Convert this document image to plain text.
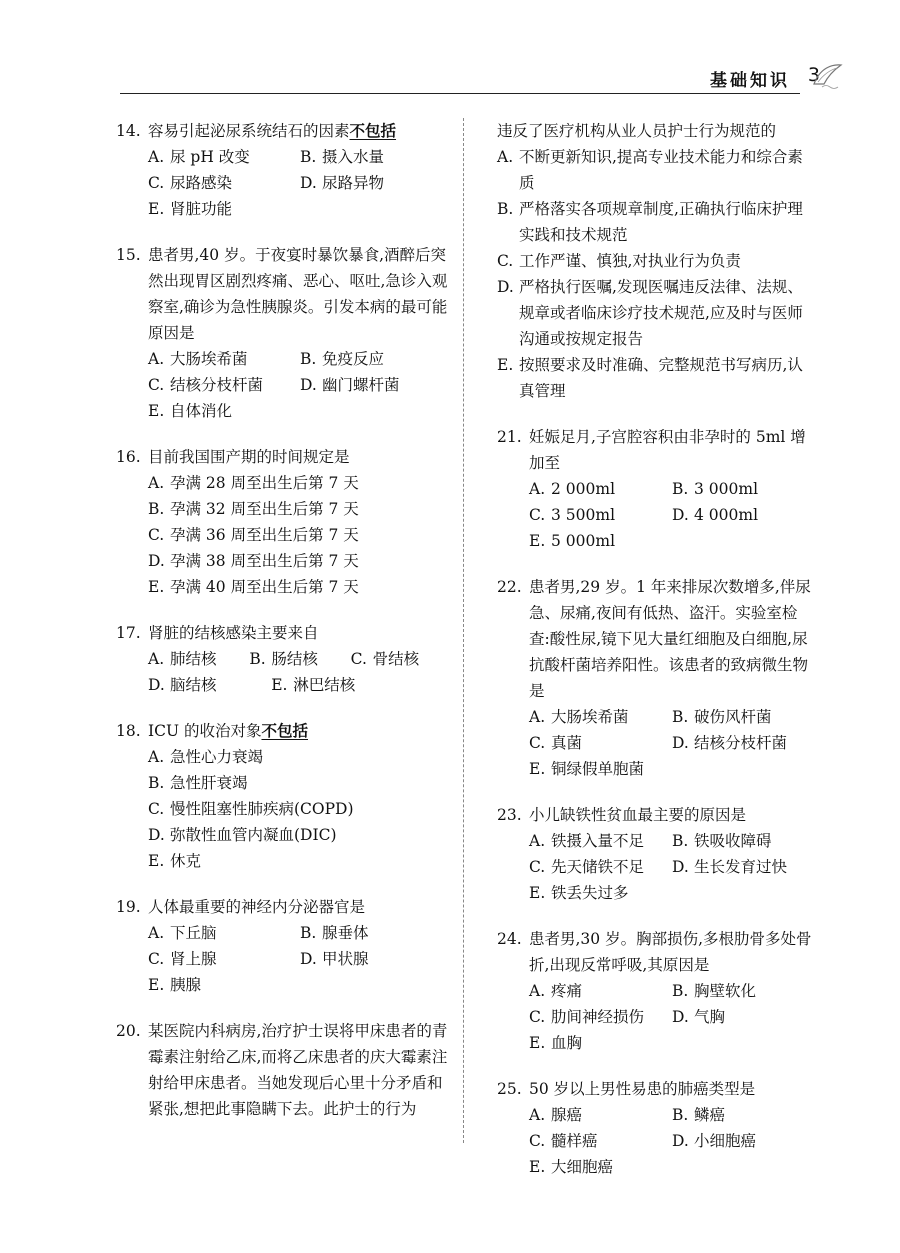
基础知识 3
14. 容易引起泌尿系统结石的因素不包括
A. 尿 pH 改变	B. 摄入水量
C. 尿路感染	D. 尿路异物
E. 肾脏功能
15. 患者男,40 岁。于夜宴时暴饮暴食,酒醉后突然出现胃区剧烈疼痛、恶心、呕吐,急诊入观察室,确诊为急性胰腺炎。引发本病的最可能原因是
A. 大肠埃希菌	B. 免疫反应
C. 结核分枝杆菌	D. 幽门螺杆菌
E. 自体消化
16. 目前我国围产期的时间规定是
A. 孕满 28 周至出生后第 7 天
B. 孕满 32 周至出生后第 7 天
C. 孕满 36 周至出生后第 7 天
D. 孕满 38 周至出生后第 7 天
E. 孕满 40 周至出生后第 7 天
17. 肾脏的结核感染主要来自
A. 肺结核	B. 肠结核	C. 骨结核
D. 脑结核	E. 淋巴结核
18. ICU 的收治对象不包括
A. 急性心力衰竭
B. 急性肝衰竭
C. 慢性阻塞性肺疾病(COPD)
D. 弥散性血管内凝血(DIC)
E. 休克
19. 人体最重要的神经内分泌器官是
A. 下丘脑	B. 腺垂体
C. 肾上腺	D. 甲状腺
E. 胰腺
20. 某医院内科病房,治疗护士误将甲床患者的青霉素注射给乙床,而将乙床患者的庆大霉素注射给甲床患者。当她发现后心里十分矛盾和紧张,想把此事隐瞒下去。此护士的行为
违反了医疗机构从业人员护士行为规范的
A. 不断更新知识,提高专业技术能力和综合素质
B. 严格落实各项规章制度,正确执行临床护理实践和技术规范
C. 工作严谨、慎独,对执业行为负责
D. 严格执行医嘱,发现医嘱违反法律、法规、规章或者临床诊疗技术规范,应及时与医师沟通或按规定报告
E. 按照要求及时准确、完整规范书写病历,认真管理
21. 妊娠足月,子宫腔容积由非孕时的 5ml 增加至
A. 2 000ml	B. 3 000ml
C. 3 500ml	D. 4 000ml
E. 5 000ml
22. 患者男,29 岁。1 年来排尿次数增多,伴尿急、尿痛,夜间有低热、盗汗。实验室检查:酸性尿,镜下见大量红细胞及白细胞,尿抗酸杆菌培养阳性。该患者的致病微生物是
A. 大肠埃希菌	B. 破伤风杆菌
C. 真菌	D. 结核分枝杆菌
E. 铜绿假单胞菌
23. 小儿缺铁性贫血最主要的原因是
A. 铁摄入量不足	B. 铁吸收障碍
C. 先天储铁不足	D. 生长发育过快
E. 铁丢失过多
24. 患者男,30 岁。胸部损伤,多根肋骨多处骨折,出现反常呼吸,其原因是
A. 疼痛	B. 胸壁软化
C. 肋间神经损伤	D. 气胸
E. 血胸
25. 50 岁以上男性易患的肺癌类型是
A. 腺癌	B. 鳞癌
C. 髓样癌	D. 小细胞癌
E. 大细胞癌
